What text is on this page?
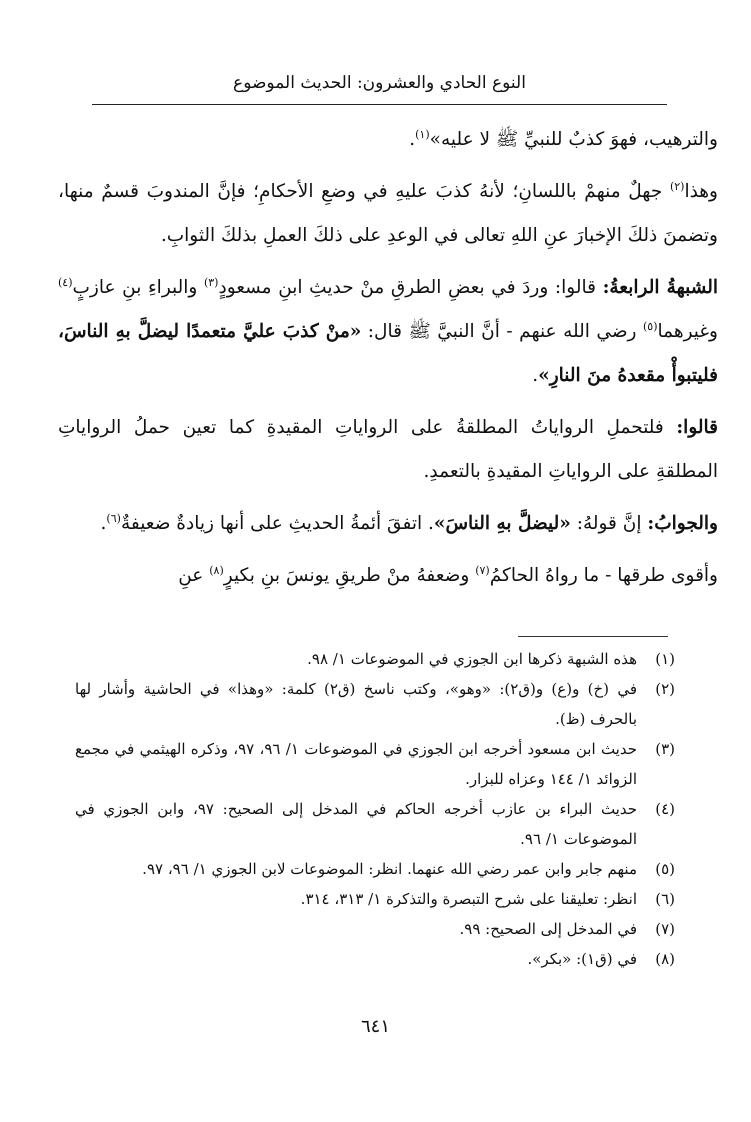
النوع الحادي والعشرون: الحديث الموضوع

والترهيب، فهوَ كذبٌ للنبيِّ ﷺ لا عليه»$^{(١)}$.

وهذا$^{(٢)}$ جهلٌ منهمْ باللسانِ؛ لأنهُ كذبَ عليهِ في وضعِ الأحكامِ؛ فإنَّ المندوبَ قسمٌ منها، وتضمنَ ذلكَ الإخبارَ عنِ اللهِ تعالى في الوعدِ على ذلكَ العملِ بذلكَ الثوابِ.

الشبهةُ الرابعةُ: قالوا: وردَ في بعضِ الطرقِ منْ حديثِ ابنِ مسعودٍ$^{(٣)}$ والبراءِ بنِ عازبٍ$^{(٤)}$ وغيرهما$^{(٥)}$ رضي الله عنهم - أنَّ النبيَّ ﷺ قال: «منْ كذبَ عليَّ متعمدًا ليضلَّ بهِ الناسَ، فليتبوأْ مقعدهُ منَ النارِ».

قالوا: فلتحملِ الرواياتُ المطلقةُ على الرواياتِ المقيدةِ كما تعين حملُ الرواياتِ المطلقةِ على الرواياتِ المقيدةِ بالتعمدِ.

والجوابُ: إنَّ قولهُ: «ليضلَّ بهِ الناسَ». اتفقَ أئمةُ الحديثِ على أنها زيادةٌ ضعيفةٌ$^{(٦)}$.

وأقوى طرقها - ما رواهُ الحاكمُ$^{(٧)}$ وضعفهُ منْ طريقِ يونسَ بنِ بكيرٍ$^{(٨)}$ عنِ

(١)
هذه الشبهة ذكرها ابن الجوزي في الموضوعات ١/ ٩٨.
(٢)
في (خ) و(ع) و(ق٢): «وهو»، وكتب ناسخ (ق٢) كلمة: «وهذا» في الحاشية وأشار لها بالحرف (ظ).
(٣)
حديث ابن مسعود أخرجه ابن الجوزي في الموضوعات ١/ ٩٦، ٩٧، وذكره الهيثمي في مجمع الزوائد ١/ ١٤٤ وعزاه للبزار.
(٤)
حديث البراء بن عازب أخرجه الحاكم في المدخل إلى الصحيح: ٩٧، وابن الجوزي في الموضوعات ١/ ٩٦.
(٥)
منهم جابر وابن عمر رضي الله عنهما. انظر: الموضوعات لابن الجوزي ١/ ٩٦، ٩٧.
(٦)
انظر: تعليقنا على شرح التبصرة والتذكرة ١/ ٣١٣، ٣١٤.
(٧)
في المدخل إلى الصحيح: ٩٩.
(٨)
في (ق١): «بكر».
٦٤١
